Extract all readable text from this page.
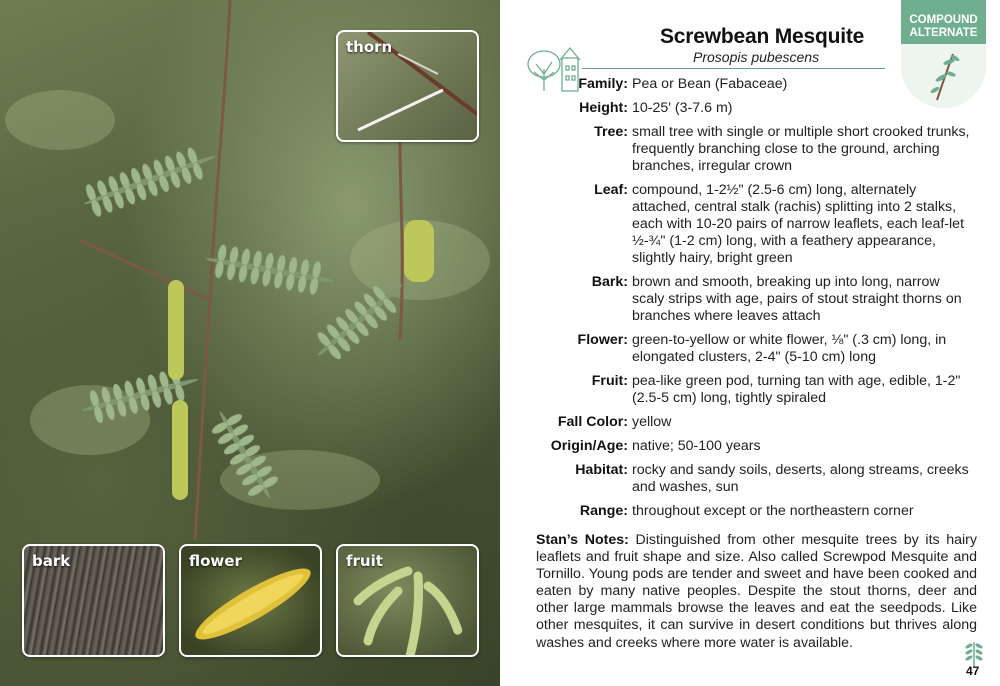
thorn
bark	flower	fruit
Screwbean Mesquite
Prosopis pubescens
COMPOUND
ALTERNATE
Family: Pea or Bean (Fabaceae)
Height: 10-25' (3-7.6 m)
Tree: small tree with single or multiple short crooked trunks, frequently branching close to the ground, arching branches, irregular crown
Leaf: compound, 1-2½" (2.5-6 cm) long, alternately attached, central stalk (rachis) splitting into 2 stalks, each with 10-20 pairs of narrow leaflets, each leaf-let ½-¾" (1-2 cm) long, with a feathery appearance, slightly hairy, bright green
Bark: brown and smooth, breaking up into long, narrow scaly strips with age, pairs of stout straight thorns on branches where leaves attach
Flower: green-to-yellow or white flower, ⅛" (.3 cm) long, in elongated clusters, 2-4" (5-10 cm) long
Fruit: pea-like green pod, turning tan with age, edible, 1-2" (2.5-5 cm) long, tightly spiraled
Fall Color: yellow
Origin/Age: native; 50-100 years
Habitat: rocky and sandy soils, deserts, along streams, creeks and washes, sun
Range: throughout except or the northeastern corner
Stan’s Notes: Distinguished from other mesquite trees by its hairy leaflets and fruit shape and size. Also called Screwpod Mesquite and Tornillo. Young pods are tender and sweet and have been cooked and eaten by many native peoples. Despite the stout thorns, deer and other large mammals browse the leaves and eat the seedpods. Like other mesquites, it can survive in desert conditions but thrives along washes and creeks where more water is available.
47
